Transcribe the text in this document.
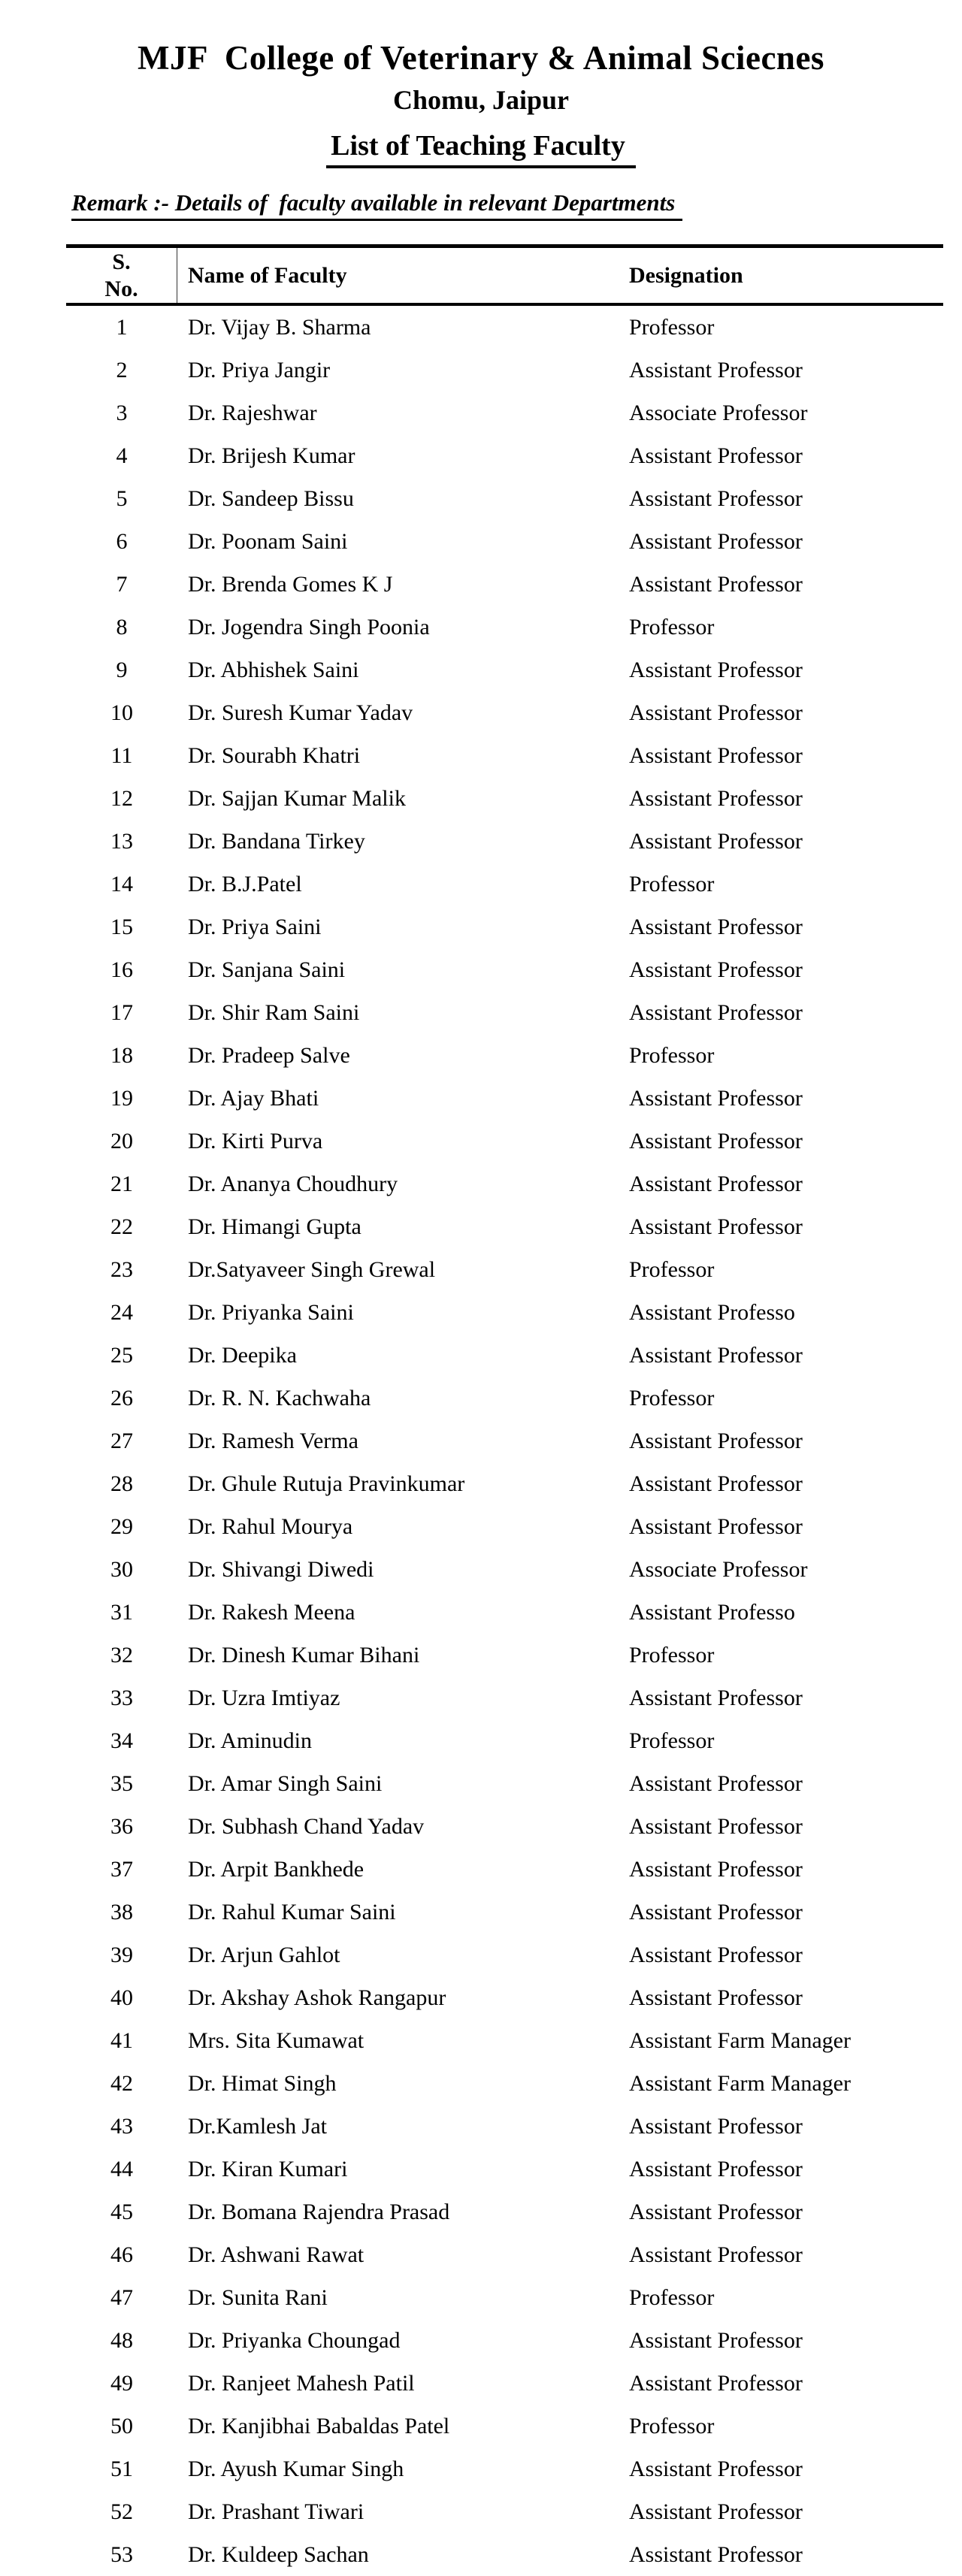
MJF  College of Veterinary & Animal Sciecnes
Chomu, Jaipur
List of Teaching Faculty
Remark :- Details of  faculty available in relevant Departments
S.
No.
Name of Faculty	Designation
1	Dr. Vijay B. Sharma	Professor
2	Dr. Priya Jangir	Assistant Professor
3	Dr. Rajeshwar	Associate Professor
4	Dr. Brijesh Kumar	Assistant Professor
5	Dr. Sandeep Bissu	Assistant Professor
6	Dr. Poonam Saini	Assistant Professor
7	Dr. Brenda Gomes K J	Assistant Professor
8	Dr. Jogendra Singh Poonia	Professor
9	Dr. Abhishek Saini	Assistant Professor
10	Dr. Suresh Kumar Yadav	Assistant Professor
11	Dr. Sourabh Khatri	Assistant Professor
12	Dr. Sajjan Kumar Malik	Assistant Professor
13	Dr. Bandana Tirkey	Assistant Professor
14	Dr. B.J.Patel	Professor
15	Dr. Priya Saini	Assistant Professor
16	Dr. Sanjana Saini	Assistant Professor
17	Dr. Shir Ram Saini	Assistant Professor
18	Dr. Pradeep Salve	Professor
19	Dr. Ajay Bhati	Assistant Professor
20	Dr. Kirti Purva	Assistant Professor
21	Dr. Ananya Choudhury	Assistant Professor
22	Dr. Himangi Gupta	Assistant Professor
23	Dr.Satyaveer Singh Grewal	Professor
24	Dr. Priyanka Saini	Assistant Professo
25	Dr. Deepika	Assistant Professor
26	Dr. R. N. Kachwaha	Professor
27	Dr. Ramesh Verma	Assistant Professor
28	Dr. Ghule Rutuja Pravinkumar	Assistant Professor
29	Dr. Rahul Mourya	Assistant Professor
30	Dr. Shivangi Diwedi	Associate Professor
31	Dr. Rakesh Meena	Assistant Professo
32	Dr. Dinesh Kumar Bihani	Professor
33	Dr. Uzra Imtiyaz	Assistant Professor
34	Dr. Aminudin	Professor
35	Dr. Amar Singh Saini	Assistant Professor
36	Dr. Subhash Chand Yadav	Assistant Professor
37	Dr. Arpit Bankhede	Assistant Professor
38	Dr. Rahul Kumar Saini	Assistant Professor
39	Dr. Arjun Gahlot	Assistant Professor
40	Dr. Akshay Ashok Rangapur	Assistant Professor
41	Mrs. Sita Kumawat	Assistant Farm Manager
42	Dr. Himat Singh	Assistant Farm Manager
43	Dr.Kamlesh Jat	Assistant Professor
44	Dr. Kiran Kumari	Assistant Professor
45	Dr. Bomana Rajendra Prasad	Assistant Professor
46	Dr. Ashwani Rawat	Assistant Professor
47	Dr. Sunita Rani	Professor
48	Dr. Priyanka Choungad	Assistant Professor
49	Dr. Ranjeet Mahesh Patil	Assistant Professor
50	Dr. Kanjibhai Babaldas Patel	Professor
51	Dr. Ayush Kumar Singh	Assistant Professor
52	Dr. Prashant Tiwari	Assistant Professor
53	Dr. Kuldeep Sachan	Assistant Professor
